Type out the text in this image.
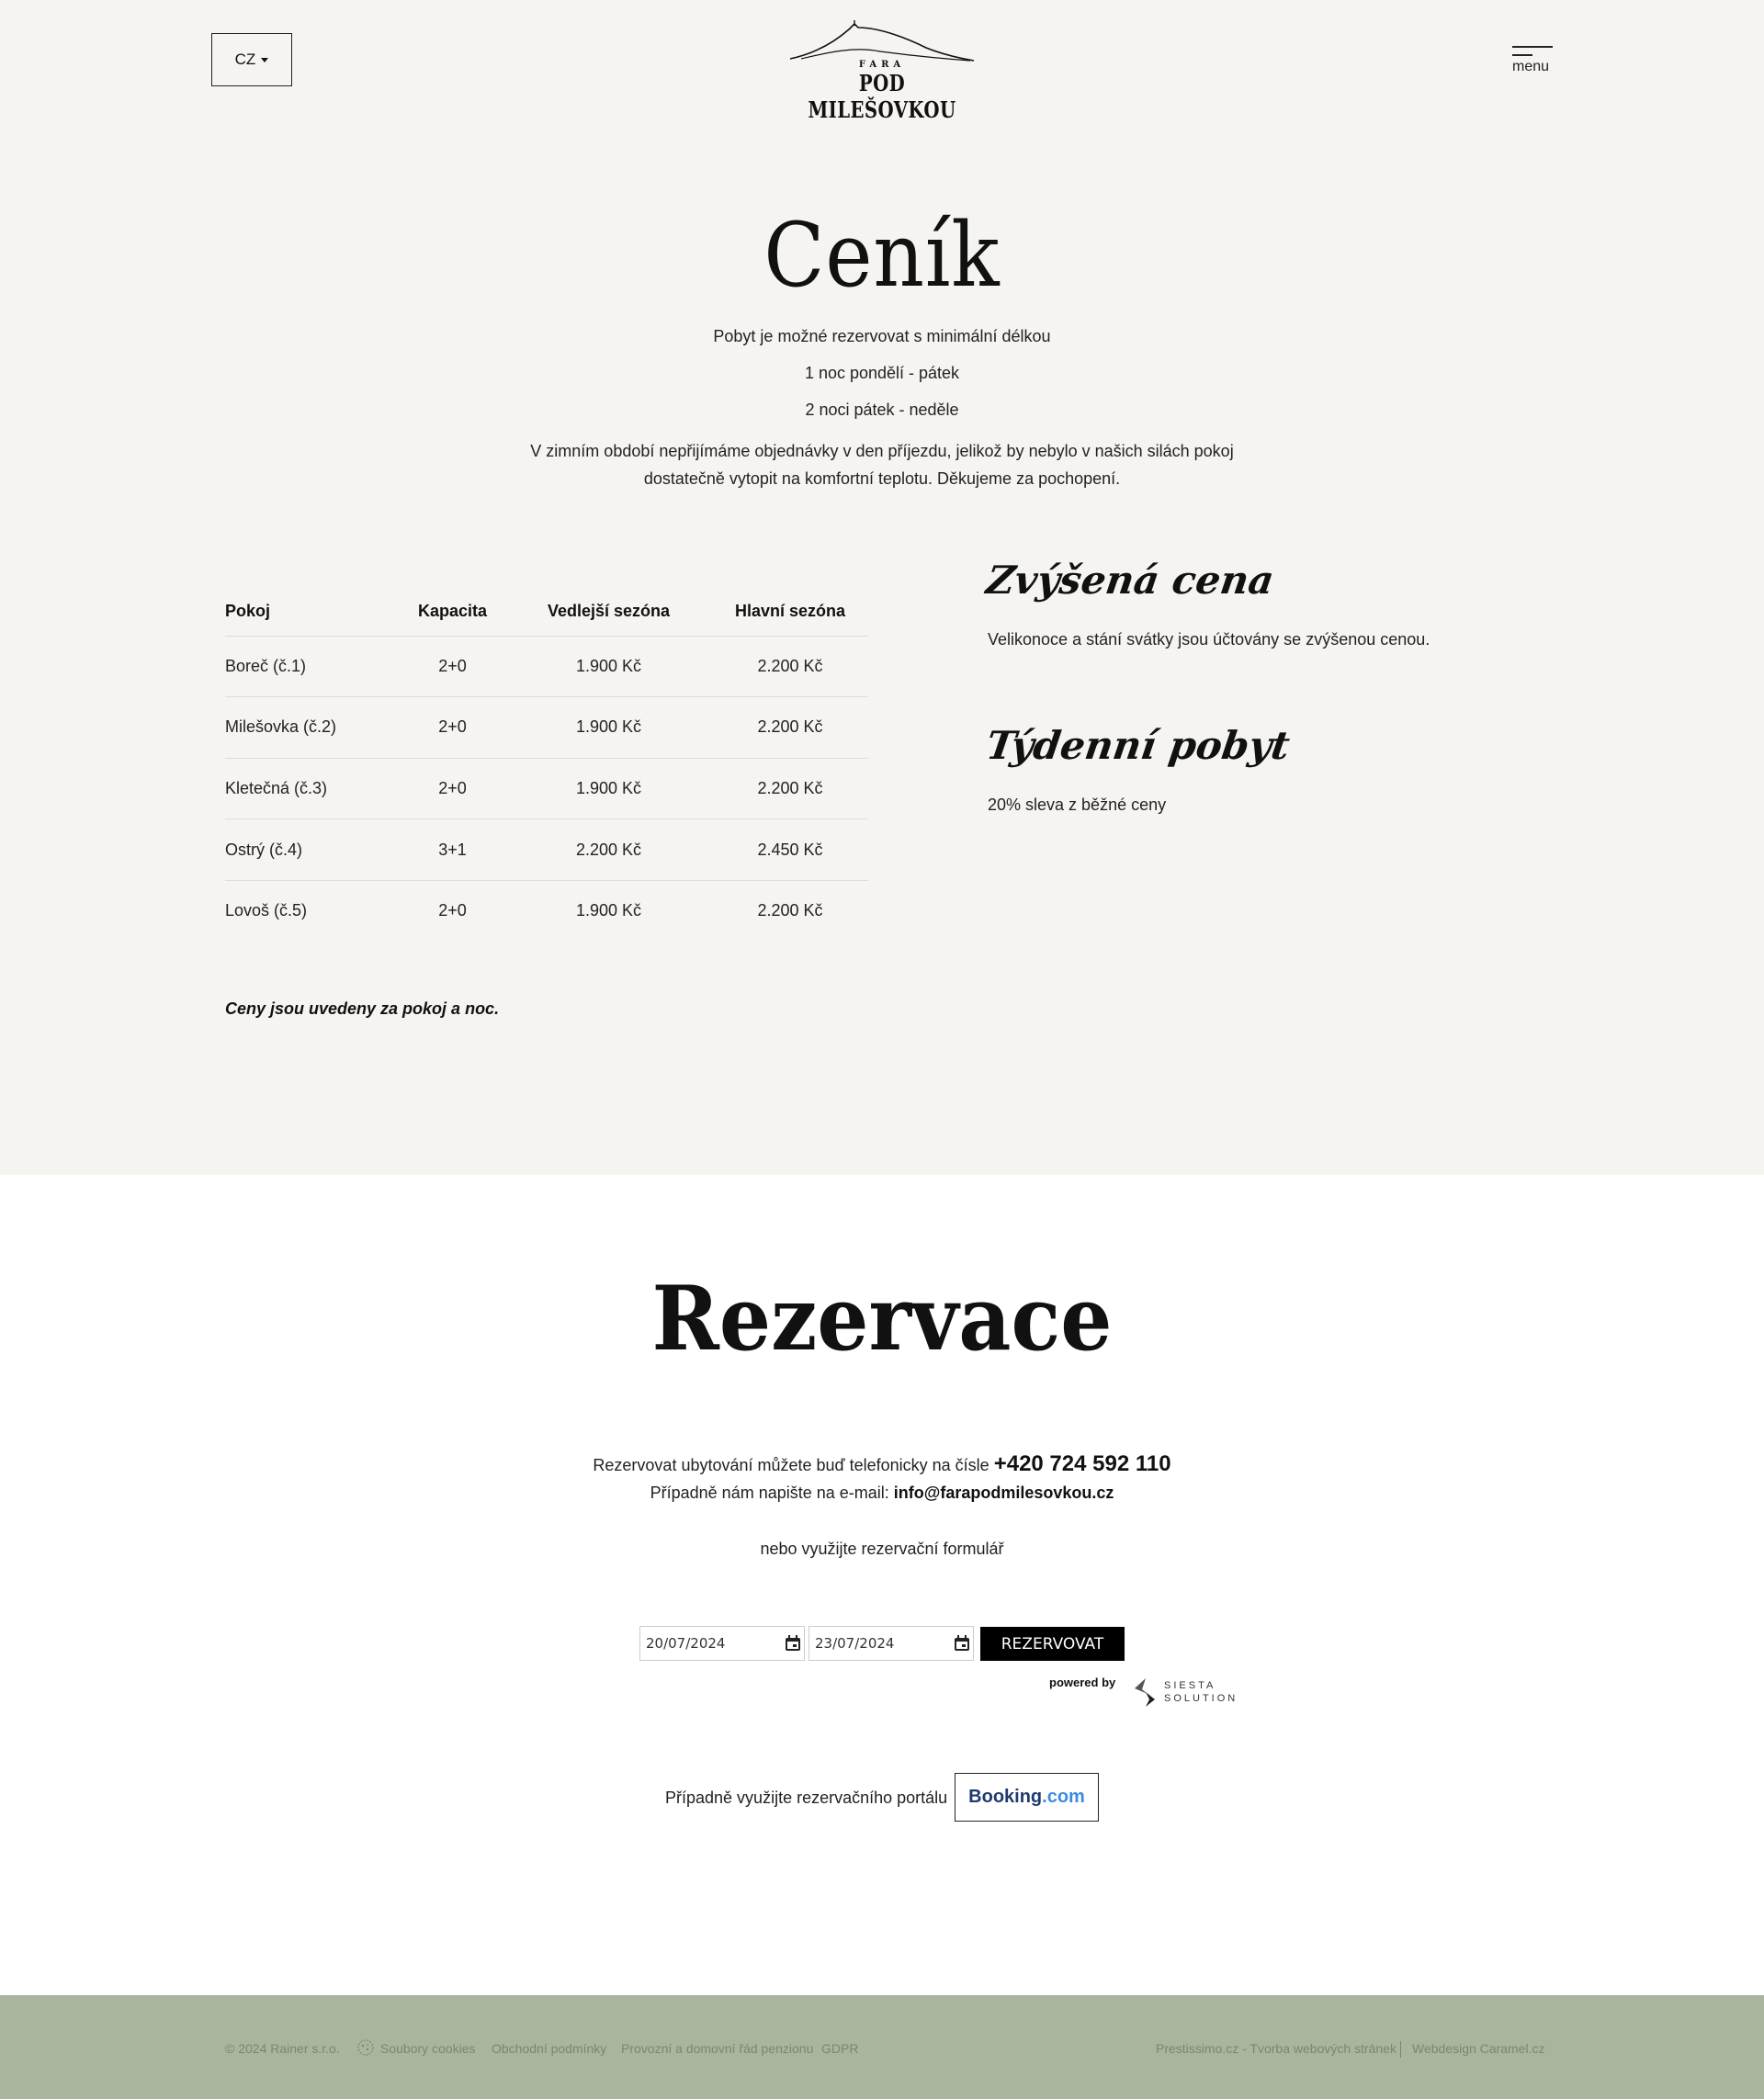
CZ	FARA
POD MILEŠOVKOU
menu
Ceník

Pobyt je možné rezervovat s minimální délkou

1 noc pondělí - pátek

2 noci pátek - neděle

V zimním období nepřijímáme objednávky v den příjezdu, jelikož by nebylo v našich silách pokoj dostatečně vytopit na komfortní teplotu. Děkujeme za pochopení.

Pokoj	Kapacita	Vedlejší sezóna	Hlavní sezóna
Boreč (č.1)	2+0	1.900 Kč	2.200 Kč
Milešovka (č.2)	2+0	1.900 Kč	2.200 Kč
Kletečná (č.3)	2+0	1.900 Kč	2.200 Kč
Ostrý (č.4)	3+1	2.200 Kč	2.450 Kč
Lovoš (č.5)	2+0	1.900 Kč	2.200 Kč

Ceny jsou uvedeny za pokoj a noc.

Zvýšená cena

Velikonoce a stání svátky jsou účtovány se zvýšenou cenou.

Týdenní pobyt

20% sleva z běžné ceny

Rezervace

Rezervovat ubytování můžete buď telefonicky na čísle +420 724 592 110

Případně nám napište na e-mail: info@farapodmilesovkou.cz

nebo využijte rezervační formulář

20/07/2024	23/07/2024	REZERVOVAT
powered by	SIESTA
SOLUTION
Případně využijte rezervačního portálu Booking .com
© 2024 Rainer s.r.o.	Soubory cookies Obchodní podmínky Provozní a domovní řád penzionu GDPR	Prestissimo.cz - Tvorba webových stránek Webdesign Caramel.cz
